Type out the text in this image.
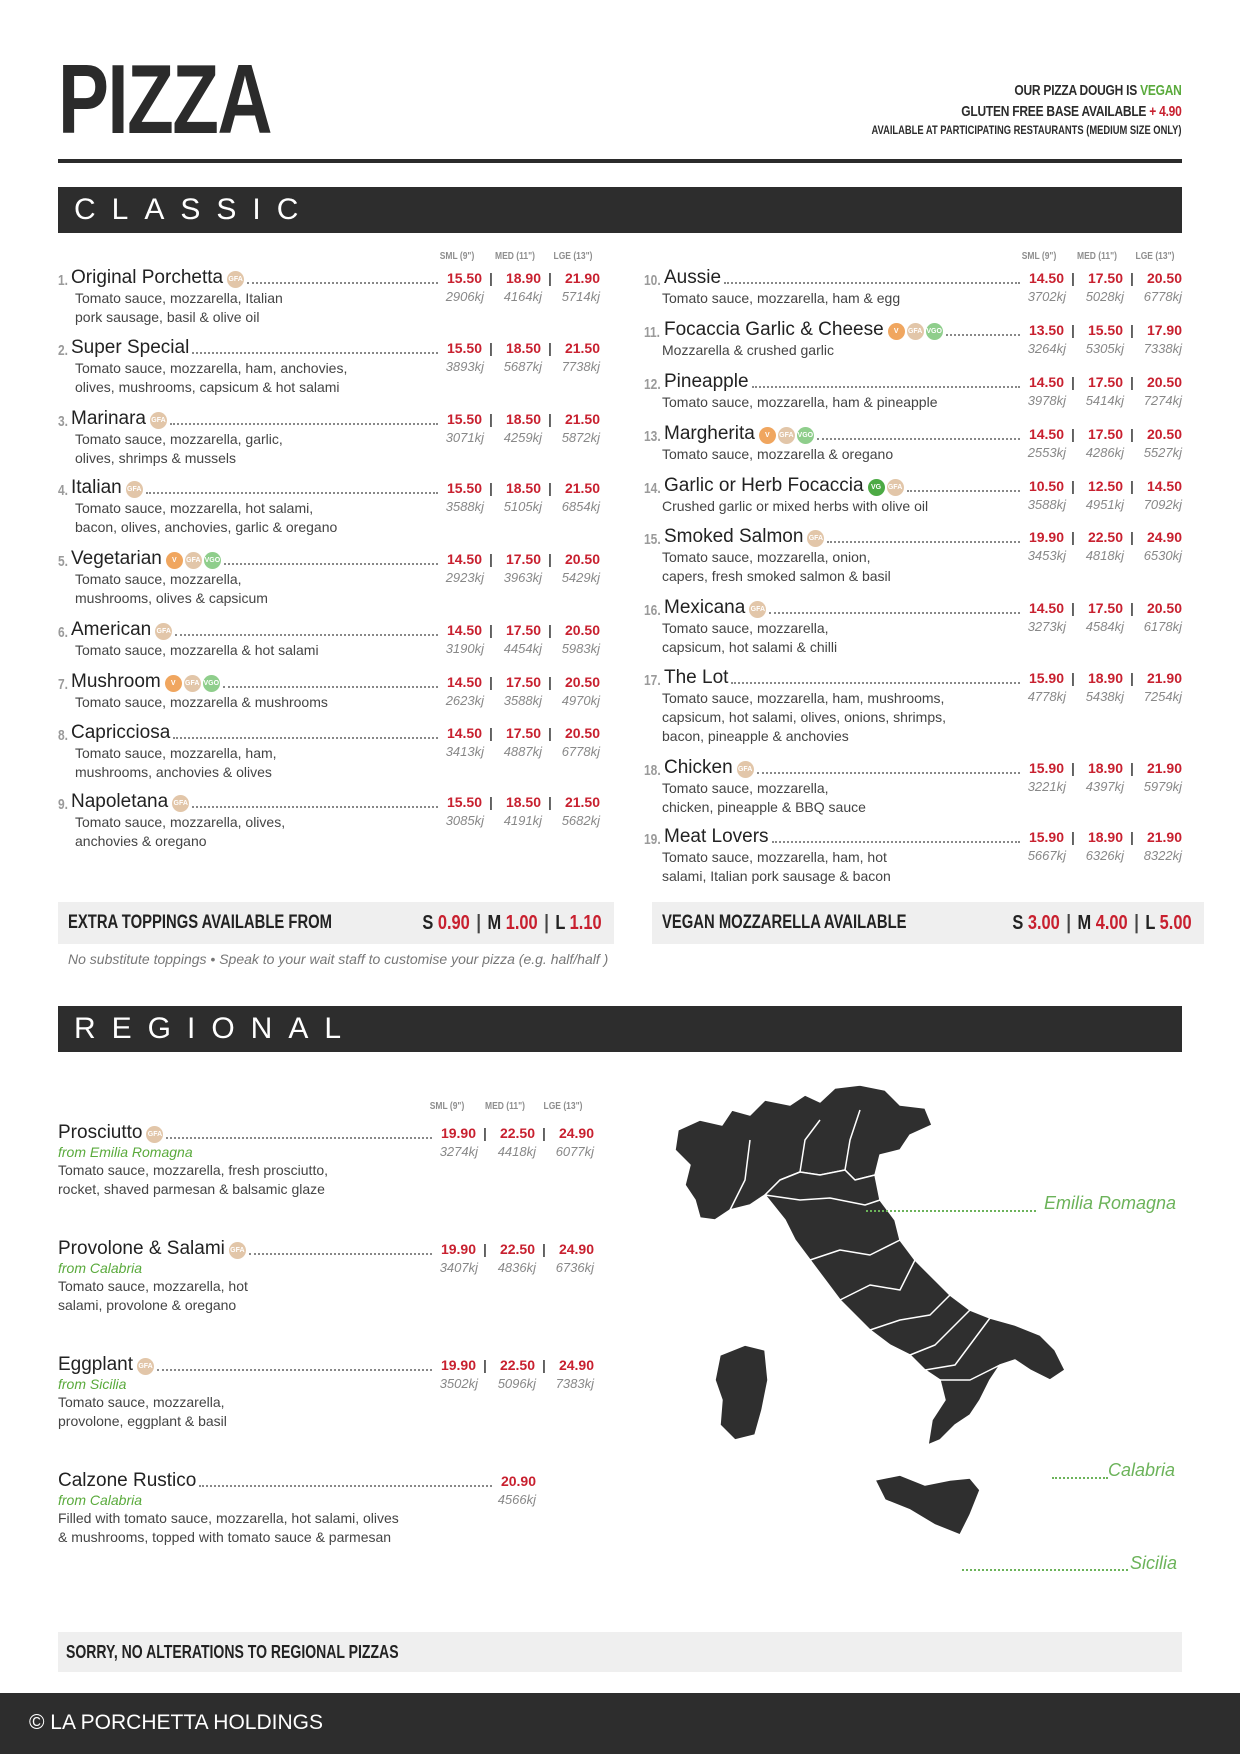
PIZZA	OUR PIZZA DOUGH IS VEGAN
GLUTEN FREE BASE AVAILABLE + 4.90
AVAILABLE AT PARTICIPATING RESTAURANTS (MEDIUM SIZE ONLY)
CLASSIC
SML (9") MED (11") LGE (13")	SML (9") MED (11") LGE (13")
1. Original Porchetta GFA	15.50 | 18.90 | 21.90
2906kj 4164kj 5714kj
Tomato sauce, mozzarella, Italian
pork sausage, basil & olive oil
2. Super Special	15.50 | 18.50 | 21.50
3893kj 5687kj 7738kj
Tomato sauce, mozzarella, ham, anchovies,
olives, mushrooms, capsicum & hot salami
3. Marinara GFA	15.50 | 18.50 | 21.50
3071kj 4259kj 5872kj
Tomato sauce, mozzarella, garlic,
olives, shrimps & mussels
4. Italian GFA	15.50 | 18.50 | 21.50
3588kj 5105kj 6854kj
Tomato sauce, mozzarella, hot salami,
bacon, olives, anchovies, garlic & oregano
5. Vegetarian	V	GFA VGO	14.50 | 17.50 | 20.50
2923kj 3963kj 5429kj
Tomato sauce, mozzarella,
mushrooms, olives & capsicum
6. American GFA	14.50 | 17.50 | 20.50
3190kj 4454kj 5983kj
Tomato sauce, mozzarella & hot salami
7. Mushroom	V	GFA VGO	14.50 | 17.50 | 20.50
2623kj 3588kj 4970kj
Tomato sauce, mozzarella & mushrooms
8. Capricciosa	14.50 | 17.50 | 20.50
3413kj 4887kj 6778kj
Tomato sauce, mozzarella, ham,
mushrooms, anchovies & olives
9. Napoletana GFA	15.50 | 18.50 | 21.50
3085kj 4191kj 5682kj
Tomato sauce, mozzarella, olives,
anchovies & oregano
10. Aussie	14.50 | 17.50 | 20.50
3702kj 5028kj 6778kj
Tomato sauce, mozzarella, ham & egg
11. Focaccia Garlic & Cheese	V	GFA VGO	13.50 | 15.50 | 17.90
3264kj 5305kj 7338kj
Mozzarella & crushed garlic
12. Pineapple	14.50 | 17.50 | 20.50
3978kj 5414kj 7274kj
Tomato sauce, mozzarella, ham & pineapple
13. Margherita	V	GFA VGO	14.50 | 17.50 | 20.50
2553kj 4286kj 5527kj
Tomato sauce, mozzarella & oregano
14. Garlic or Herb Focaccia	VG GFA	10.50 | 12.50 | 14.50
3588kj 4951kj 7092kj
Crushed garlic or mixed herbs with olive oil
15. Smoked Salmon GFA	19.90 | 22.50 | 24.90
3453kj 4818kj 6530kj
Tomato sauce, mozzarella, onion,
capers, fresh smoked salmon & basil
16. Mexicana GFA	14.50 | 17.50 | 20.50
3273kj 4584kj 6178kj
Tomato sauce, mozzarella,
capsicum, hot salami & chilli
17. The Lot	15.90 | 18.90 | 21.90
4778kj 5438kj 7254kj
Tomato sauce, mozzarella, ham, mushrooms,
capsicum, hot salami, olives, onions, shrimps,
bacon, pineapple & anchovies
18. Chicken GFA	15.90 | 18.90 | 21.90
3221kj 4397kj 5979kj
Tomato sauce, mozzarella,
chicken, pineapple & BBQ sauce
19. Meat Lovers	15.90 | 18.90 | 21.90
5667kj 6326kj 8322kj
Tomato sauce, mozzarella, ham, hot
salami, Italian pork sausage & bacon
EXTRA TOPPINGS AVAILABLE FROM	S 0.90 | M 1.00 | L 1.10	VEGAN MOZZARELLA AVAILABLE	S 3.00 | M 4.00 | L 5.00
No substitute toppings • Speak to your wait staff to customise your pizza (e.g. half/half )
REGIONAL
SML (9") MED (11") LGE (13")
Prosciutto GFA	19.90 | 22.50 | 24.90
3274kj 4418kj 6077kj
from Emilia Romagna
Tomato sauce, mozzarella, fresh prosciutto,
rocket, shaved parmesan & balsamic glaze
Provolone & Salami GFA	19.90 | 22.50 | 24.90
3407kj 4836kj 6736kj
from Calabria
Tomato sauce, mozzarella, hot
salami, provolone & oregano
Eggplant GFA	19.90 | 22.50 | 24.90
3502kj 5096kj 7383kj
from Sicilia
Tomato sauce, mozzarella,
provolone, eggplant & basil
Calzone Rustico	20.90
4566kj
from Calabria
Filled with tomato sauce, mozzarella, hot salami, olives
& mushrooms, topped with tomato sauce & parmesan
Emilia Romagna
Calabria
Sicilia
SORRY, NO ALTERATIONS TO REGIONAL PIZZAS
© LA PORCHETTA HOLDINGS
